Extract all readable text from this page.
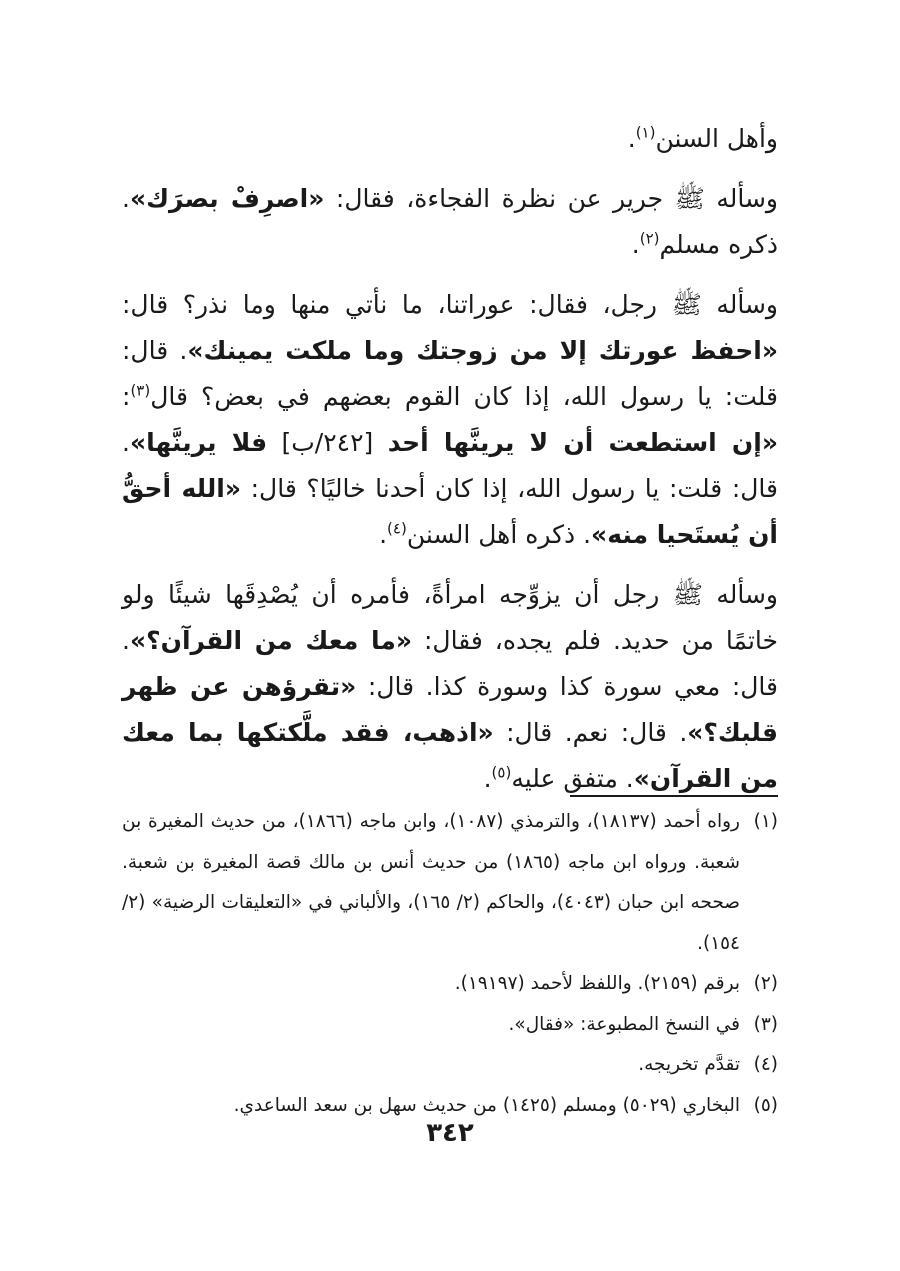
وأهل السنن$^{(١)}$.

وسأله ﷺ جرير عن نظرة الفجاءة، فقال: «اصرِفْ بصرَك». ذكره مسلم$^{(٢)}$.

وسأله ﷺ رجل، فقال: عوراتنا، ما نأتي منها وما نذر؟ قال: «احفظ عورتك إلا من زوجتك وما ملكت يمينك». قال: قلت: يا رسول الله، إذا كان القوم بعضهم في بعض؟ قال$^{(٣)}$: «إن استطعت أن لا يرينَّها أحد [٢٤٢/ب] فلا يرينَّها». قال: قلت: يا رسول الله، إذا كان أحدنا خاليًا؟ قال: «الله أحقُّ أن يُستَحيا منه». ذكره أهل السنن$^{(٤)}$.

وسأله ﷺ رجل أن يزوِّجه امرأةً، فأمره أن يُصْدِقَها شيئًا ولو خاتمًا من حديد. فلم يجده، فقال: «ما معك من القرآن؟». قال: معي سورة كذا وسورة كذا. قال: «تقرؤهن عن ظهر قلبك؟». قال: نعم. قال: «اذهب، فقد ملَّكتكها بما معك من القرآن». متفق عليه$^{(٥)}$.

(١)
رواه أحمد (١٨١٣٧)، والترمذي (١٠٨٧)، وابن ماجه (١٨٦٦)، من حديث المغيرة بن شعبة. ورواه ابن ماجه (١٨٦٥) من حديث أنس بن مالك قصة المغيرة بن شعبة. صححه ابن حبان (٤٠٤٣)، والحاكم (٢/ ١٦٥)، والألباني في «التعليقات الرضية» (٢/ ١٥٤).
(٢)
برقم (٢١٥٩). واللفظ لأحمد (١٩١٩٧).
(٣)
في النسخ المطبوعة: «فقال».
(٤)
تقدَّم تخريجه.
(٥)
البخاري (٥٠٢٩) ومسلم (١٤٢٥) من حديث سهل بن سعد الساعدي.
٣٤٢
